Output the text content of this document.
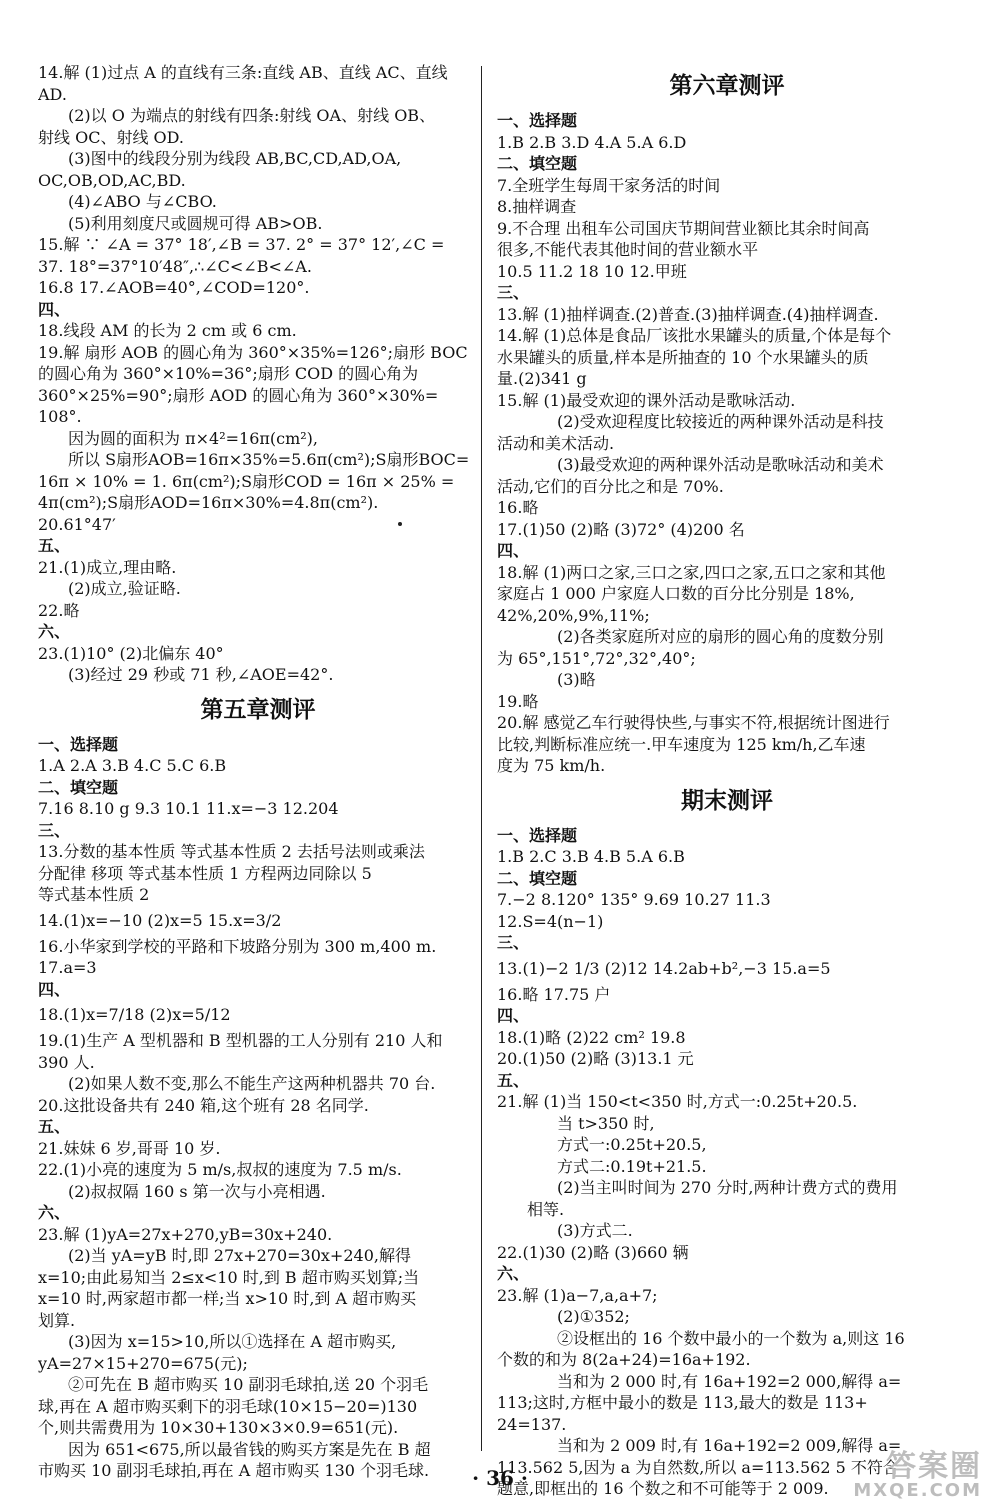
14.解 (1)过点 A 的直线有三条:直线 AB、直线 AC、直线
AD.
(2)以 O 为端点的射线有四条:射线 OA、射线 OB、
射线 OC、射线 OD.
(3)图中的线段分别为线段 AB,BC,CD,AD,OA,
OC,OB,OD,AC,BD.
(4)∠ABO 与∠CBO.
(5)利用刻度尺或圆规可得 AB>OB.
15.解 ∵ ∠A = 37° 18′,∠B = 37. 2° = 37° 12′,∠C =
37. 18°=37°10′48″,∴∠C<∠B<∠A.
16.8 17.∠AOB=40°,∠COD=120°.
四、
18.线段 AM 的长为 2 cm 或 6 cm.
19.解 扇形 AOB 的圆心角为 360°×35%=126°;扇形 BOC
的圆心角为 360°×10%=36°;扇形 COD 的圆心角为
360°×25%=90°;扇形 AOD 的圆心角为 360°×30%=
108°.
因为圆的面积为 π×4²=16π(cm²),
所以 S扇形AOB=16π×35%=5.6π(cm²);S扇形BOC=
16π × 10% = 1. 6π(cm²);S扇形COD = 16π × 25% =
4π(cm²);S扇形AOD=16π×30%=4.8π(cm²).
20.61°47′
五、
21.(1)成立,理由略.
(2)成立,验证略.
22.略
六、
23.(1)10° (2)北偏东 40°
(3)经过 29 秒或 71 秒,∠AOE=42°.
第五章测评
一、选择题
1.A 2.A 3.B 4.C 5.C 6.B
二、填空题
7.16 8.10 g 9.3 10.1 11.x=−3 12.204
三、
13.分数的基本性质 等式基本性质 2 去括号法则或乘法
分配律 移项 等式基本性质 1 方程两边同除以 5
等式基本性质 2
14.(1)x=−10 (2)x=5 15.x=3/2
16.小华家到学校的平路和下坡路分别为 300 m,400 m.
17.a=3
四、
18.(1)x=7/18 (2)x=5/12
19.(1)生产 A 型机器和 B 型机器的工人分别有 210 人和
390 人.
(2)如果人数不变,那么不能生产这两种机器共 70 台.
20.这批设备共有 240 箱,这个班有 28 名同学.
五、
21.妹妹 6 岁,哥哥 10 岁.
22.(1)小亮的速度为 5 m/s,叔叔的速度为 7.5 m/s.
(2)叔叔隔 160 s 第一次与小亮相遇.
六、
23.解 (1)yA=27x+270,yB=30x+240.
(2)当 yA=yB 时,即 27x+270=30x+240,解得
x=10;由此易知当 2≤x<10 时,到 B 超市购买划算;当
x=10 时,两家超市都一样;当 x>10 时,到 A 超市购买
划算.
(3)因为 x=15>10,所以①选择在 A 超市购买,
yA=27×15+270=675(元);
②可先在 B 超市购买 10 副羽毛球拍,送 20 个羽毛
球,再在 A 超市购买剩下的羽毛球(10×15−20=)130
个,则共需费用为 10×30+130×3×0.9=651(元).
因为 651<675,所以最省钱的购买方案是先在 B 超
市购买 10 副羽毛球拍,再在 A 超市购买 130 个羽毛球.
第六章测评
一、选择题
1.B 2.B 3.D 4.A 5.A 6.D
二、填空题
7.全班学生每周干家务活的时间
8.抽样调查
9.不合理 出租车公司国庆节期间营业额比其余时间高
很多,不能代表其他时间的营业额水平
10.5 11.2 18 10 12.甲班
三、
13.解 (1)抽样调查.(2)普查.(3)抽样调查.(4)抽样调查.
14.解 (1)总体是食品厂该批水果罐头的质量,个体是每个
水果罐头的质量,样本是所抽查的 10 个水果罐头的质
量.(2)341 g
15.解 (1)最受欢迎的课外活动是歌咏活动.
(2)受欢迎程度比较接近的两种课外活动是科技
活动和美术活动.
(3)最受欢迎的两种课外活动是歌咏活动和美术
活动,它们的百分比之和是 70%.
16.略
17.(1)50 (2)略 (3)72° (4)200 名
四、
18.解 (1)两口之家,三口之家,四口之家,五口之家和其他
家庭占 1 000 户家庭人口数的百分比分别是 18%,
42%,20%,9%,11%;
(2)各类家庭所对应的扇形的圆心角的度数分别
为 65°,151°,72°,32°,40°;
(3)略
19.略
20.解 感觉乙车行驶得快些,与事实不符,根据统计图进行
比较,判断标准应统一.甲车速度为 125 km/h,乙车速
度为 75 km/h.
期末测评
一、选择题
1.B 2.C 3.B 4.B 5.A 6.B
二、填空题
7.−2 8.120° 135° 9.69 10.27 11.3
12.S=4(n−1)
三、
13.(1)−2 1/3 (2)12 14.2ab+b²,−3 15.a=5
16.略 17.75 户
四、
18.(1)略 (2)22 cm² 19.8
20.(1)50 (2)略 (3)13.1 元
五、
21.解 (1)当 150<t<350 时,方式一:0.25t+20.5.
当 t>350 时,
方式一:0.25t+20.5,
方式二:0.19t+21.5.
(2)当主叫时间为 270 分时,两种计费方式的费用
相等.
(3)方式二.
22.(1)30 (2)略 (3)660 辆
六、
23.解 (1)a−7,a,a+7;
(2)①352;
②设框出的 16 个数中最小的一个数为 a,则这 16
个数的和为 8(2a+24)=16a+192.
当和为 2 000 时,有 16a+192=2 000,解得 a=
113;这时,方框中最小的数是 113,最大的数是 113+
24=137.
当和为 2 009 时,有 16a+192=2 009,解得 a=
113.562 5,因为 a 为自然数,所以 a=113.562 5 不符合
题意,即框出的 16 个数之和不可能等于 2 009.
· 36 ·	答案圈
MXQE.COM
